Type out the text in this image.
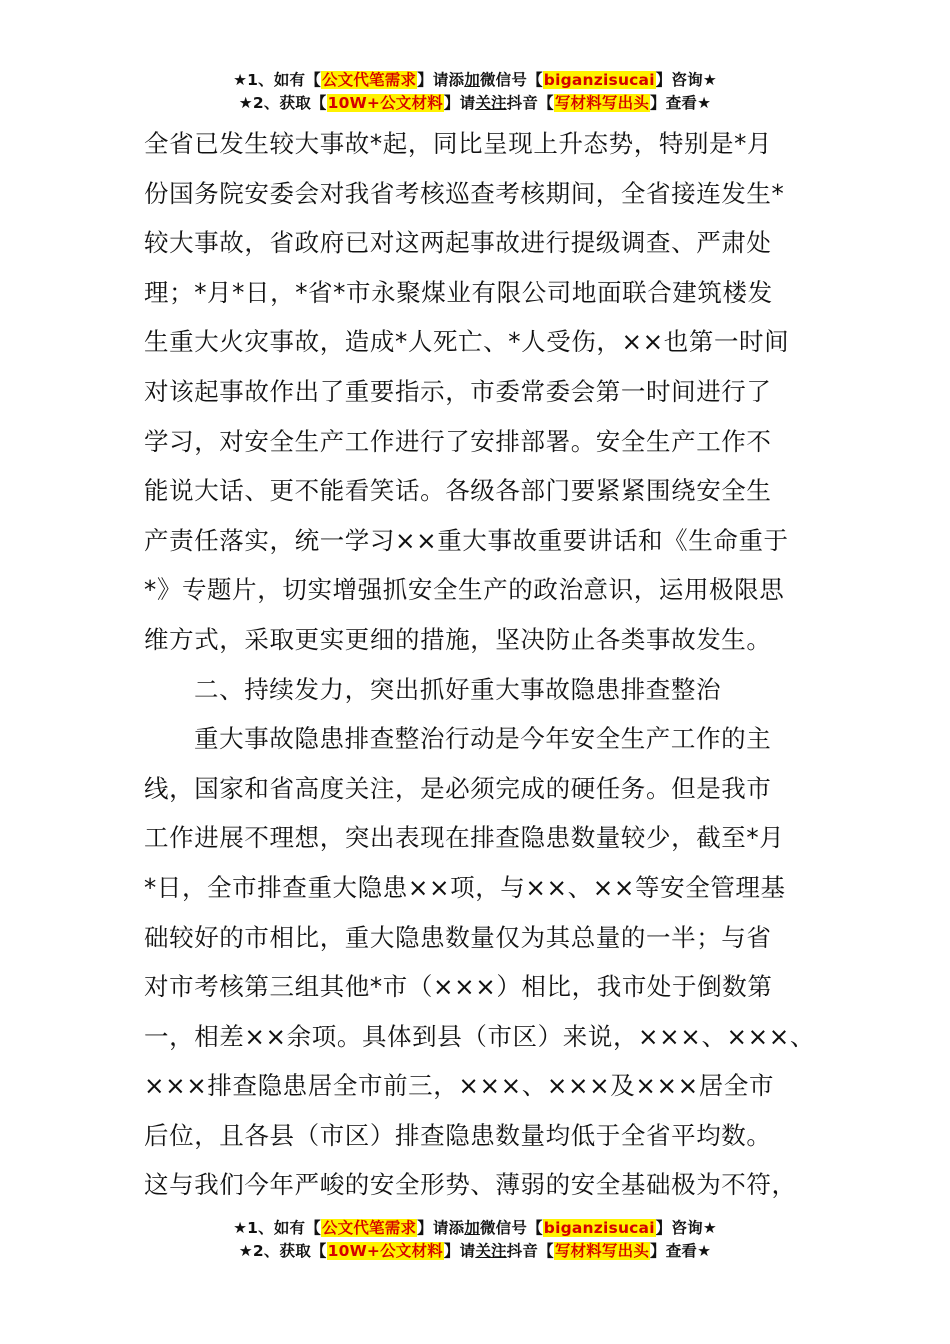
★1、如有【公文代笔需求】请添加微信号【biganzisucai】咨询★
★2、获取【10W+公文材料】请关注抖音【写材料写出头】查看★
全省已发生较大事故*起，同比呈现上升态势，特别是*月
份国务院安委会对我省考核巡查考核期间，全省接连发生*
较大事故，省政府已对这两起事故进行提级调查、严肃处
理；*月*日，*省*市永聚煤业有限公司地面联合建筑楼发
生重大火灾事故，造成*人死亡、*人受伤，××也第一时间
对该起事故作出了重要指示，市委常委会第一时间进行了
学习，对安全生产工作进行了安排部署。安全生产工作不
能说大话、更不能看笑话。各级各部门要紧紧围绕安全生
产责任落实，统一学习××重大事故重要讲话和《生命重于
*》专题片，切实增强抓安全生产的政治意识，运用极限思
维方式，采取更实更细的措施，坚决防止各类事故发生。
二、持续发力，突出抓好重大事故隐患排查整治
重大事故隐患排查整治行动是今年安全生产工作的主
线，国家和省高度关注，是必须完成的硬任务。但是我市
工作进展不理想，突出表现在排查隐患数量较少，截至*月
*日，全市排查重大隐患××项，与××、××等安全管理基
础较好的市相比，重大隐患数量仅为其总量的一半；与省
对市考核第三组其他*市（×××）相比，我市处于倒数第
一，相差××余项。具体到县（市区）来说，×××、×××、
×××排查隐患居全市前三，×××、×××及×××居全市
后位，且各县（市区）排查隐患数量均低于全省平均数。
这与我们今年严峻的安全形势、薄弱的安全基础极为不符，
★1、如有【公文代笔需求】请添加微信号【biganzisucai】咨询★
★2、获取【10W+公文材料】请关注抖音【写材料写出头】查看★
